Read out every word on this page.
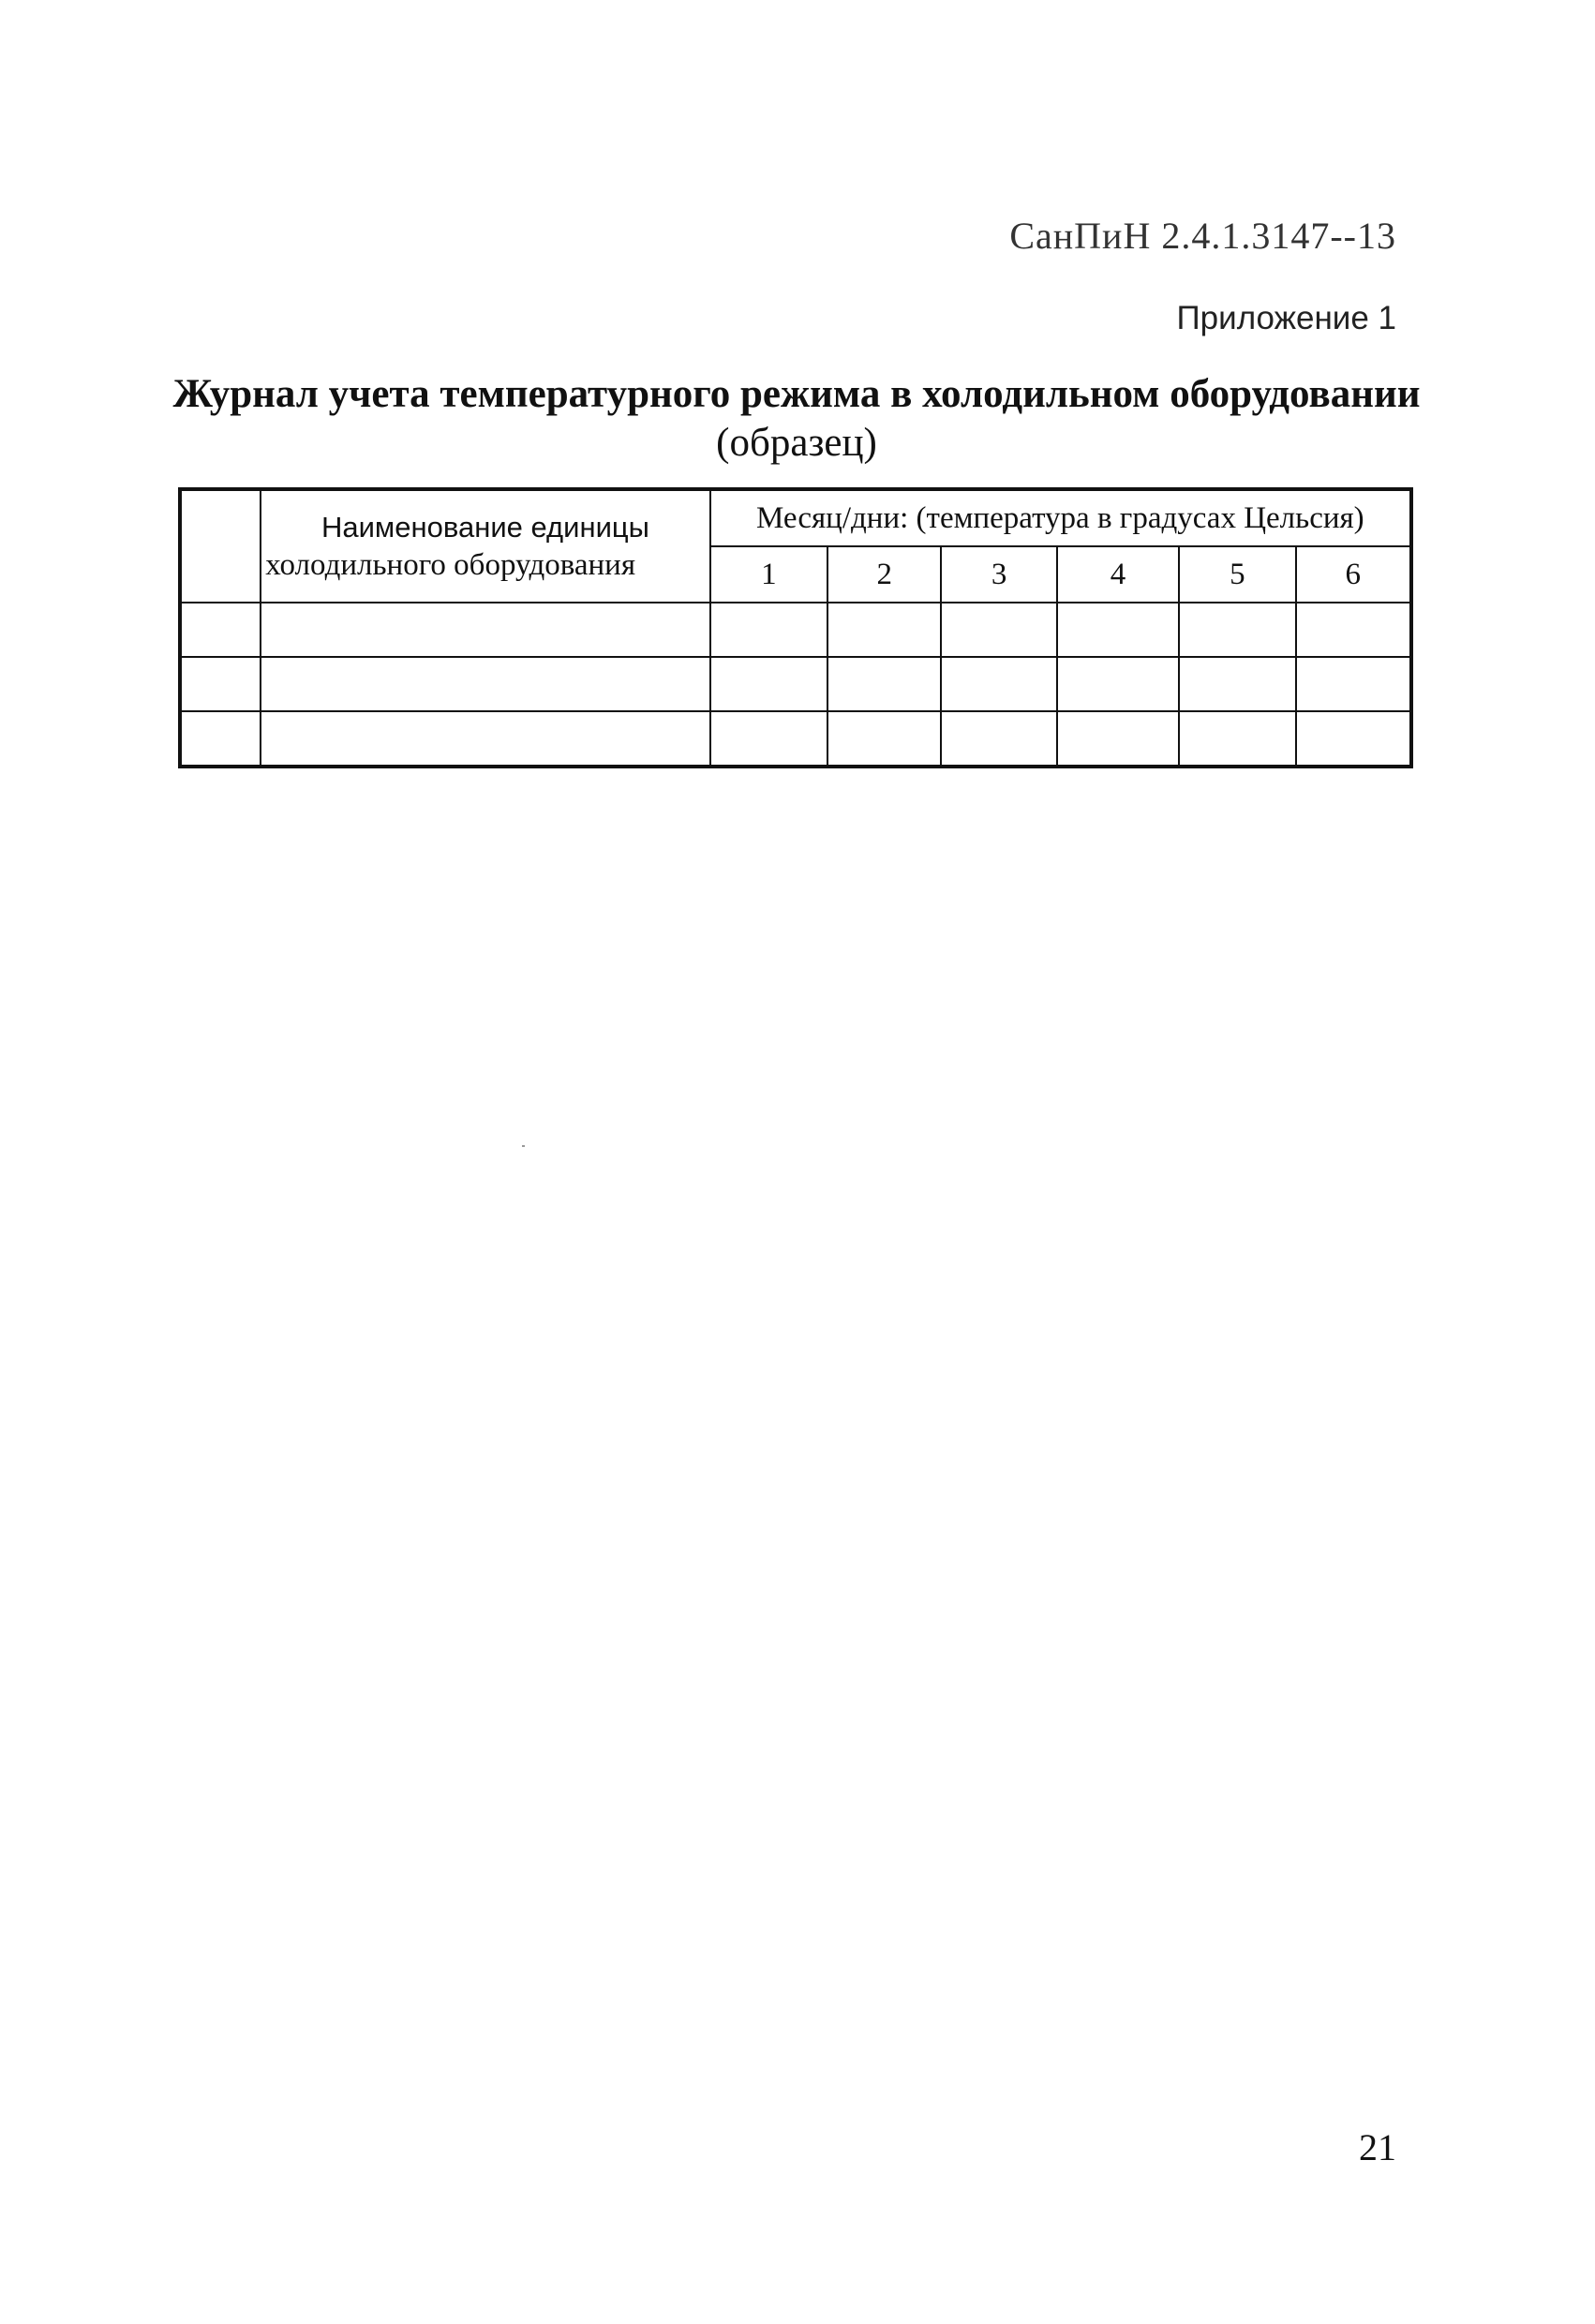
СанПиН 2.4.1.3147--13
Приложение 1
Журнал учета температурного режима в холодильном оборудовании (образец)

	Наименование единицы
холодильного оборудования	Месяц/дни: (температура в градусах Цельсия)					
		1	2	3	4	5	6

21
